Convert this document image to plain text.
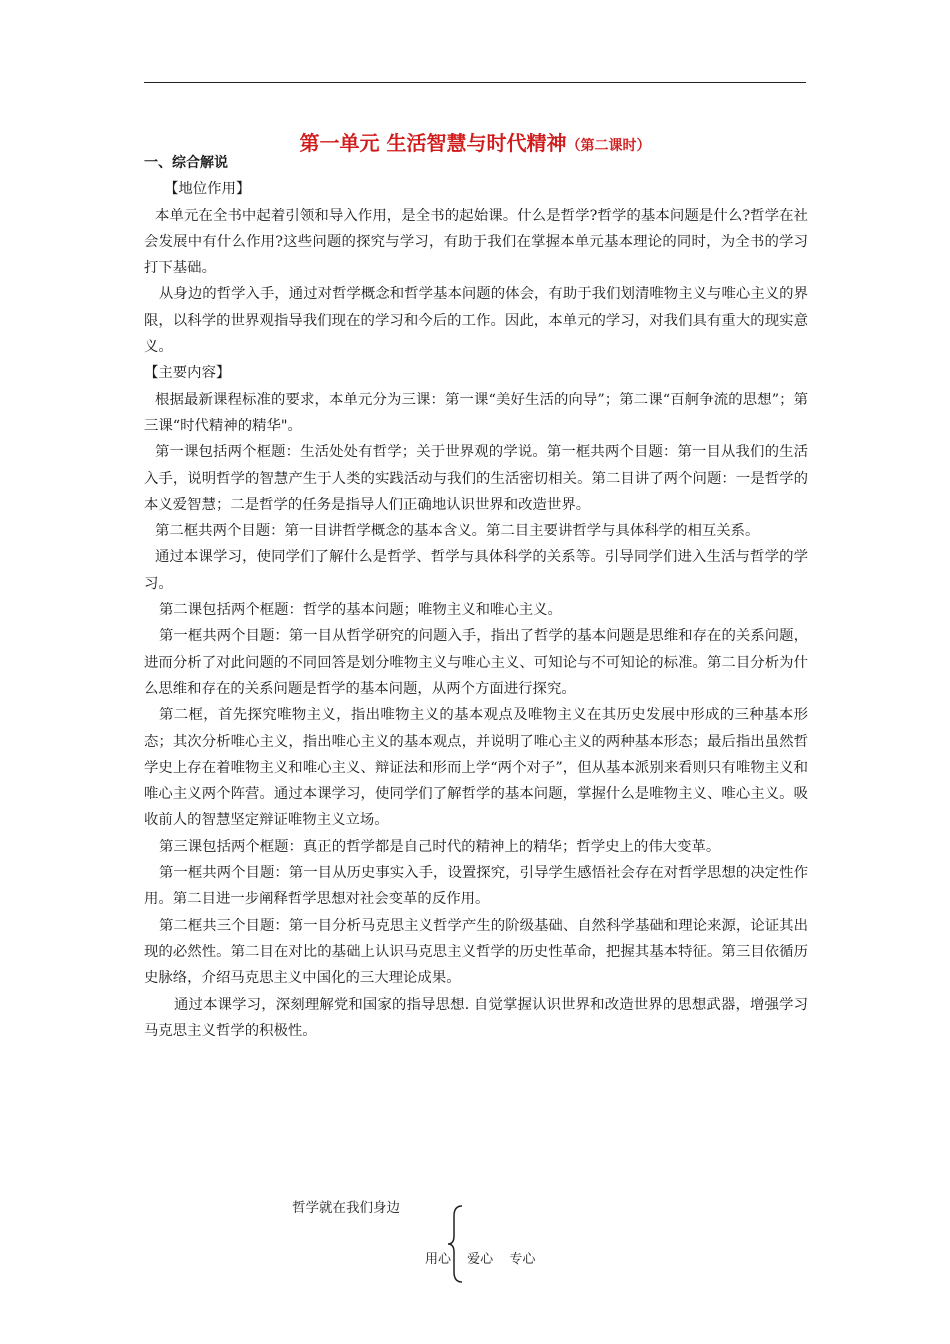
第一单元 生活智慧与时代精神（第二课时）

一、综合解说

【地位作用】

本单元在全书中起着引领和导入作用，是全书的起始课。什么是哲学?哲学的基本问题是什么?哲学在社会发展中有什么作用?这些问题的探究与学习，有助于我们在掌握本单元基本理论的同时，为全书的学习打下基础。

从身边的哲学入手，通过对哲学概念和哲学基本问题的体会，有助于我们划清唯物主义与唯心主义的界限，以科学的世界观指导我们现在的学习和今后的工作。因此，本单元的学习，对我们具有重大的现实意义。

【主要内容】

根据最新课程标准的要求，本单元分为三课：第一课“美好生活的向导”；第二课“百舸争流的思想”；第三课“时代精神的精华"。

第一课包括两个框题：生活处处有哲学；关于世界观的学说。第一框共两个目题：第一目从我们的生活入手，说明哲学的智慧产生于人类的实践活动与我们的生活密切相关。第二目讲了两个问题：一是哲学的本义爱智慧；二是哲学的任务是指导人们正确地认识世界和改造世界。

第二框共两个目题：第一目讲哲学概念的基本含义。第二目主要讲哲学与具体科学的相互关系。

通过本课学习，使同学们了解什么是哲学、哲学与具体科学的关系等。引导同学们进入生活与哲学的学习。

第二课包括两个框题：哲学的基本问题；唯物主义和唯心主义。

第一框共两个目题：第一目从哲学研究的问题入手，指出了哲学的基本问题是思维和存在的关系问题，进而分析了对此问题的不同回答是划分唯物主义与唯心主义、可知论与不可知论的标准。第二目分析为什么思维和存在的关系问题是哲学的基本问题，从两个方面进行探究。

第二框，首先探究唯物主义，指出唯物主义的基本观点及唯物主义在其历史发展中形成的三种基本形态；其次分析唯心主义，指出唯心主义的基本观点，并说明了唯心主义的两种基本形态；最后指出虽然哲学史上存在着唯物主义和唯心主义、辩证法和形而上学“两个对子”，但从基本派别来看则只有唯物主义和唯心主义两个阵营。通过本课学习，使同学们了解哲学的基本问题，掌握什么是唯物主义、唯心主义。吸收前人的智慧坚定辩证唯物主义立场。

第三课包括两个框题：真正的哲学都是自己时代的精神上的精华；哲学史上的伟大变革。

第一框共两个目题：第一目从历史事实入手，设置探究，引导学生感悟社会存在对哲学思想的决定性作用。第二目进一步阐释哲学思想对社会变革的反作用。

第二框共三个目题：第一目分析马克思主义哲学产生的阶级基础、自然科学基础和理论来源，论证其出现的必然性。第二目在对比的基础上认识马克思主义哲学的历史性革命，把握其基本特征。第三目依循历史脉络，介绍马克思主义中国化的三大理论成果。

通过本课学习，深刻理解党和国家的指导思想. 自觉掌握认识世界和改造世界的思想武器，增强学习马克思主义哲学的积极性。

哲学就在我们身边
用心 爱心 专心
